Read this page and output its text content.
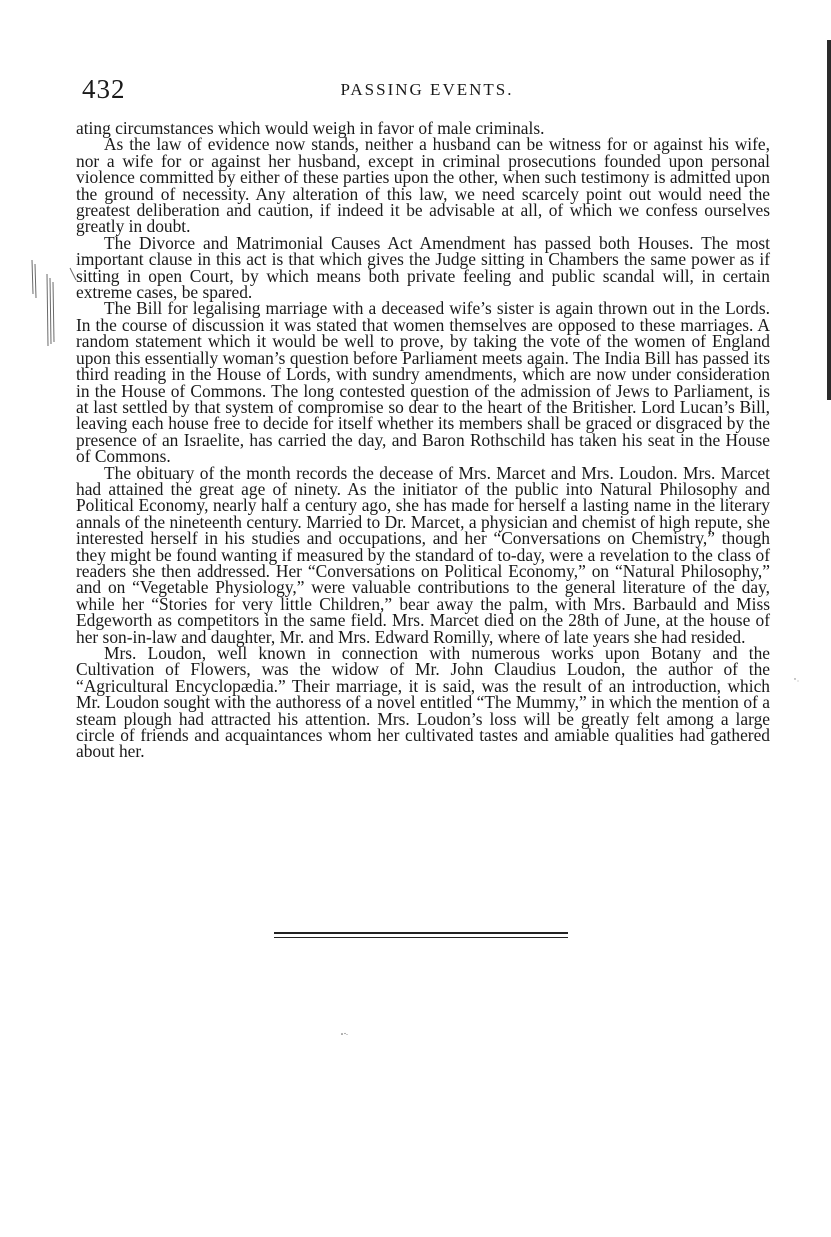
432	PASSING EVENTS.

ating circumstances which would weigh in favor of male criminals.

As the law of evidence now stands, neither a husband can be witness for or against his wife, nor a wife for or against her husband, except in criminal prosecutions founded upon personal violence committed by either of these parties upon the other, when such testimony is admitted upon the ground of necessity. Any alteration of this law, we need scarcely point out would need the greatest deliberation and caution, if indeed it be advisable at all, of which we confess ourselves greatly in doubt.

The Divorce and Matrimonial Causes Act Amendment has passed both Houses. The most important clause in this act is that which gives the Judge sitting in Chambers the same power as if sitting in open Court, by which means both private feeling and public scandal will, in certain extreme cases, be spared.

The Bill for legalising marriage with a deceased wife’s sister is again thrown out in the Lords. In the course of discussion it was stated that women themselves are opposed to these marriages. A random statement which it would be well to prove, by taking the vote of the women of England upon this essentially woman’s question before Parliament meets again. The India Bill has passed its third reading in the House of Lords, with sundry amendments, which are now under consideration in the House of Commons. The long contested question of the admission of Jews to Parliament, is at last settled by that system of compromise so dear to the heart of the Britisher. Lord Lucan’s Bill, leaving each house free to decide for itself whether its members shall be graced or disgraced by the presence of an Israelite, has carried the day, and Baron Rothschild has taken his seat in the House of Commons.

The obituary of the month records the decease of Mrs. Marcet and Mrs. Loudon. Mrs. Marcet had attained the great age of ninety. As the initiator of the public into Natural Philosophy and Political Economy, nearly half a century ago, she has made for herself a lasting name in the literary annals of the nineteenth century. Married to Dr. Marcet, a physician and chemist of high repute, she interested herself in his studies and occupations, and her “Conversations on Chemistry,” though they might be found wanting if measured by the standard of to-day, were a revelation to the class of readers she then addressed. Her “Conversations on Political Economy,” on “Natural Philosophy,” and on “Vegetable Physiology,” were valuable contributions to the general literature of the day, while her “Stories for very little Children,” bear away the palm, with Mrs. Barbauld and Miss Edgeworth as competitors in the same field. Mrs. Marcet died on the 28th of June, at the house of her son-in-law and daughter, Mr. and Mrs. Edward Romilly, where of late years she had resided.

Mrs. Loudon, well known in connection with numerous works upon Botany and the Cultivation of Flowers, was the widow of Mr. John Claudius Loudon, the author of the “Agricultural Encyclopædia.” Their marriage, it is said, was the result of an introduction, which Mr. Loudon sought with the authoress of a novel entitled “The Mummy,” in which the mention of a steam plough had attracted his attention. Mrs. Loudon’s loss will be greatly felt among a large circle of friends and acquaintances whom her cultivated tastes and amiable qualities had gathered about her.
